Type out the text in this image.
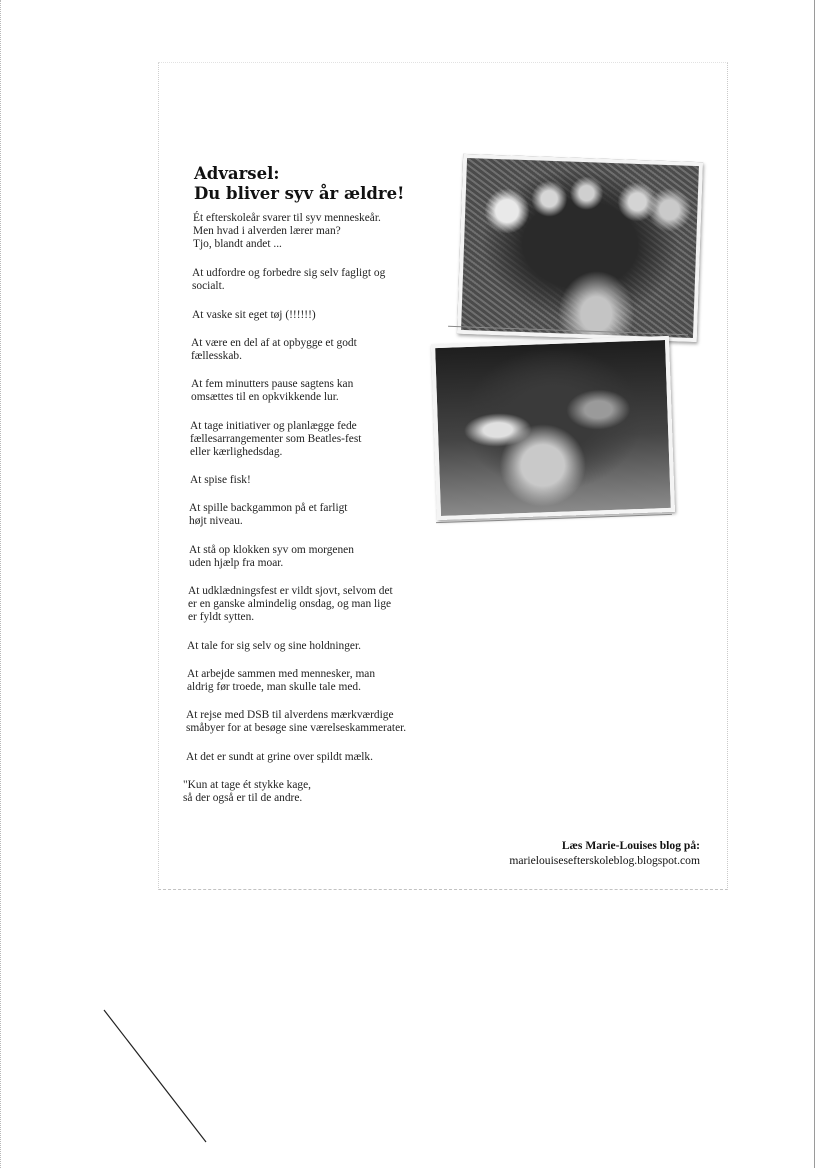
Advarsel:
Du bliver syv år ældre!

Ét efterskoleår svarer til syv menneskeår.
Men hvad i alverden lærer man?
Tjo, blandt andet ...

At udfordre og forbedre sig selv fagligt og
socialt.

At vaske sit eget tøj (!!!!!!)

At være en del af at opbygge et godt
fællesskab.

At fem minutters pause sagtens kan
omsættes til en opkvikkende lur.

At tage initiativer og planlægge fede
fællesarrangementer som Beatles-fest
eller kærlighedsdag.

At spise fisk!

At spille backgammon på et farligt
højt niveau.

At stå op klokken syv om morgenen
uden hjælp fra moar.

At udklædningsfest er vildt sjovt, selvom det
er en ganske almindelig onsdag, og man lige
er fyldt sytten.

At tale for sig selv og sine holdninger.

At arbejde sammen med mennesker, man
aldrig før troede, man skulle tale med.

At rejse med DSB til alverdens mærkværdige
småbyer for at besøge sine værelseskammerater.

At det er sundt at grine over spildt mælk.

"Kun at tage ét stykke kage,
så der også er til de andre.

Læs Marie-Louises blog på:
marielouisesefterskoleblog.blogspot.com
